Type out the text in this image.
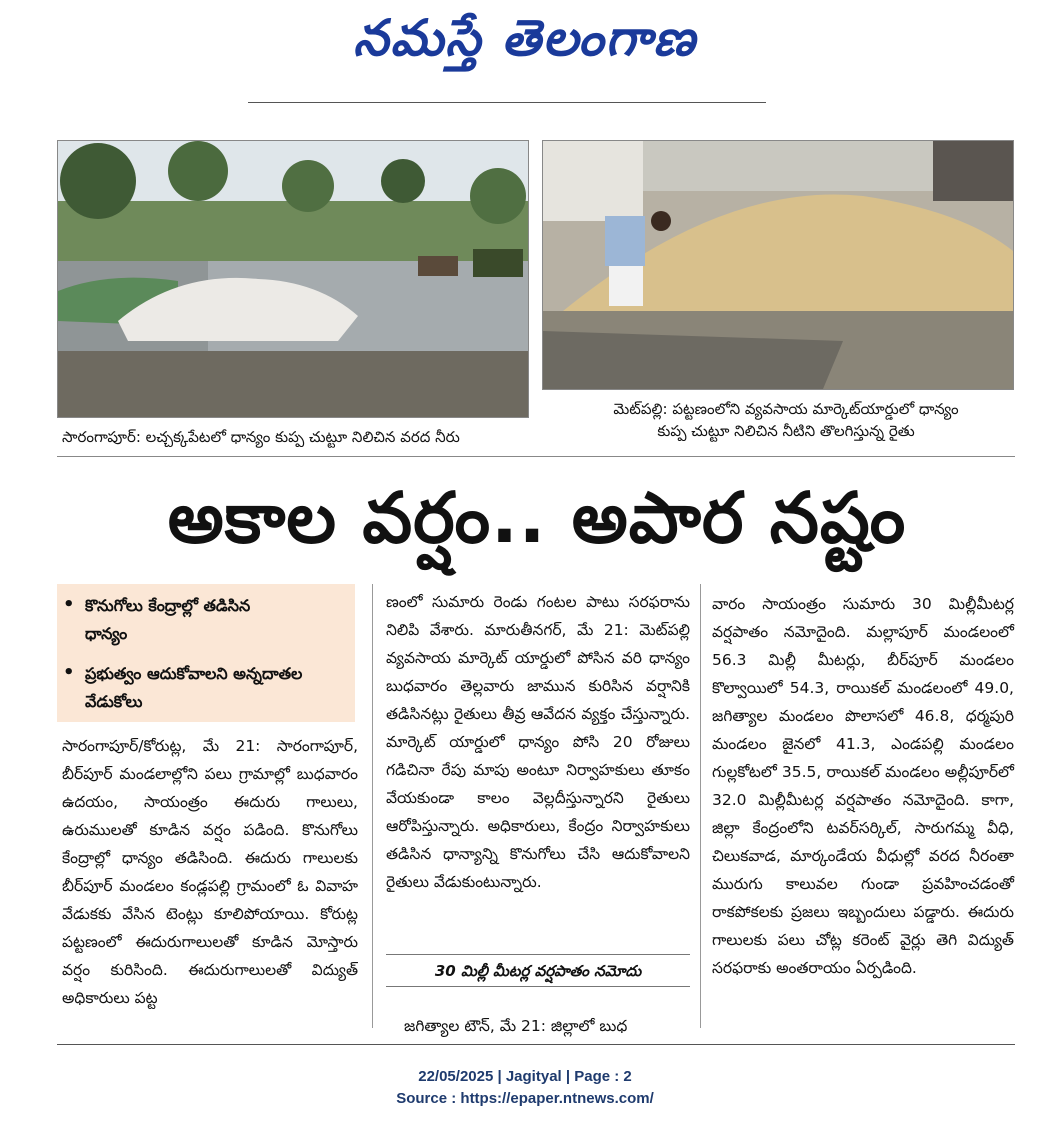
నమస్తే తెలంగాణ
సారంగాపూర్: లచ్చక్కపేటలో ధాన్యం కుప్ప చుట్టూ నిలిచిన వరద నీరు
మెట్‌పల్లి: పట్టణంలోని వ్యవసాయ మార్కెట్‌యార్డులో ధాన్యం
కుప్ప చుట్టూ నిలిచిన నీటిని తొలగిస్తున్న రైతు
అకాల వర్షం.. అపార నష్టం
• కొనుగోలు కేంద్రాల్లో తడిసిన ధాన్యం
• ప్రభుత్వం ఆదుకోవాలని అన్నదాతల వేడుకోలు
సారంగాపూర్/కోరుట్ల, మే 21: సారంగాపూర్, బీర్‌పూర్ మండలాల్లోని పలు గ్రామాల్లో బుధవారం ఉదయం, సాయంత్రం ఈదురు గాలులు, ఉరుములతో కూడిన వర్షం పడింది. కొనుగోలు కేంద్రాల్లో ధాన్యం తడిసింది. ఈదురు గాలులకు బీర్‌పూర్ మండలం కండ్లపల్లి గ్రామంలో ఓ వివాహ వేడుకకు వేసిన టెంట్లు కూలిపోయాయి. కోరుట్ల పట్టణంలో ఈదురుగాలులతో కూడిన మోస్తారు వర్షం కురిసింది. ఈదురుగాలులతో విద్యుత్ అధికారులు పట్ట
ణంలో సుమారు రెండు గంటల పాటు సరఫరాను నిలిపి వేశారు. మారుతీనగర్, మే 21: మెట్‌పల్లి వ్యవసాయ మార్కెట్ యార్డులో పోసిన వరి ధాన్యం బుధవారం తెల్లవారు జామున కురిసిన వర్షానికి తడిసినట్లు రైతులు తీవ్ర ఆవేదన వ్యక్తం చేస్తున్నారు. మార్కెట్ యార్డులో ధాన్యం పోసి 20 రోజులు గడిచినా రేపు మాపు అంటూ నిర్వాహకులు తూకం వేయకుండా కాలం వెల్లదీస్తున్నారని రైతులు ఆరోపిస్తున్నారు. అధికారులు, కేంద్రం నిర్వాహకులు తడిసిన ధాన్యాన్ని కొనుగోలు చేసి ఆదుకోవాలని రైతులు వేడుకుంటున్నారు.
30 మిల్లీ మీటర్ల వర్షపాతం నమోదు
జగిత్యాల టౌన్, మే 21: జిల్లాలో బుధ
వారం సాయంత్రం సుమారు 30 మిల్లీమీటర్ల వర్షపాతం నమోదైంది. మల్లాపూర్ మండలంలో 56.3 మిల్లీ మీటర్లు, బీర్‌పూర్ మండలం కొల్వాయిలో 54.3, రాయికల్ మండలంలో 49.0, జగిత్యాల మండలం పొలాసలో 46.8, ధర్మపురి మండలం జైనలో 41.3, ఎండపల్లి మండలం గుల్లకోటలో 35.5, రాయికల్ మండలం అల్లీపూర్‌లో 32.0 మిల్లీమీటర్ల వర్షపాతం నమోదైంది. కాగా, జిల్లా కేంద్రంలోని టవర్‌సర్కిల్, సారుగమ్మ వీధి, చిలుకవాడ, మార్కండేయ వీధుల్లో వరద నీరంతా మురుగు కాలువల గుండా ప్రవహించడంతో రాకపోకలకు ప్రజలు ఇబ్బందులు పడ్డారు. ఈదురు గాలులకు పలు చోట్ల కరెంట్ వైర్లు తెగి విద్యుత్ సరఫరాకు అంతరాయం ఏర్పడింది.
22/05/2025 | Jagityal | Page : 2
Source : https://epaper.ntnews.com/
